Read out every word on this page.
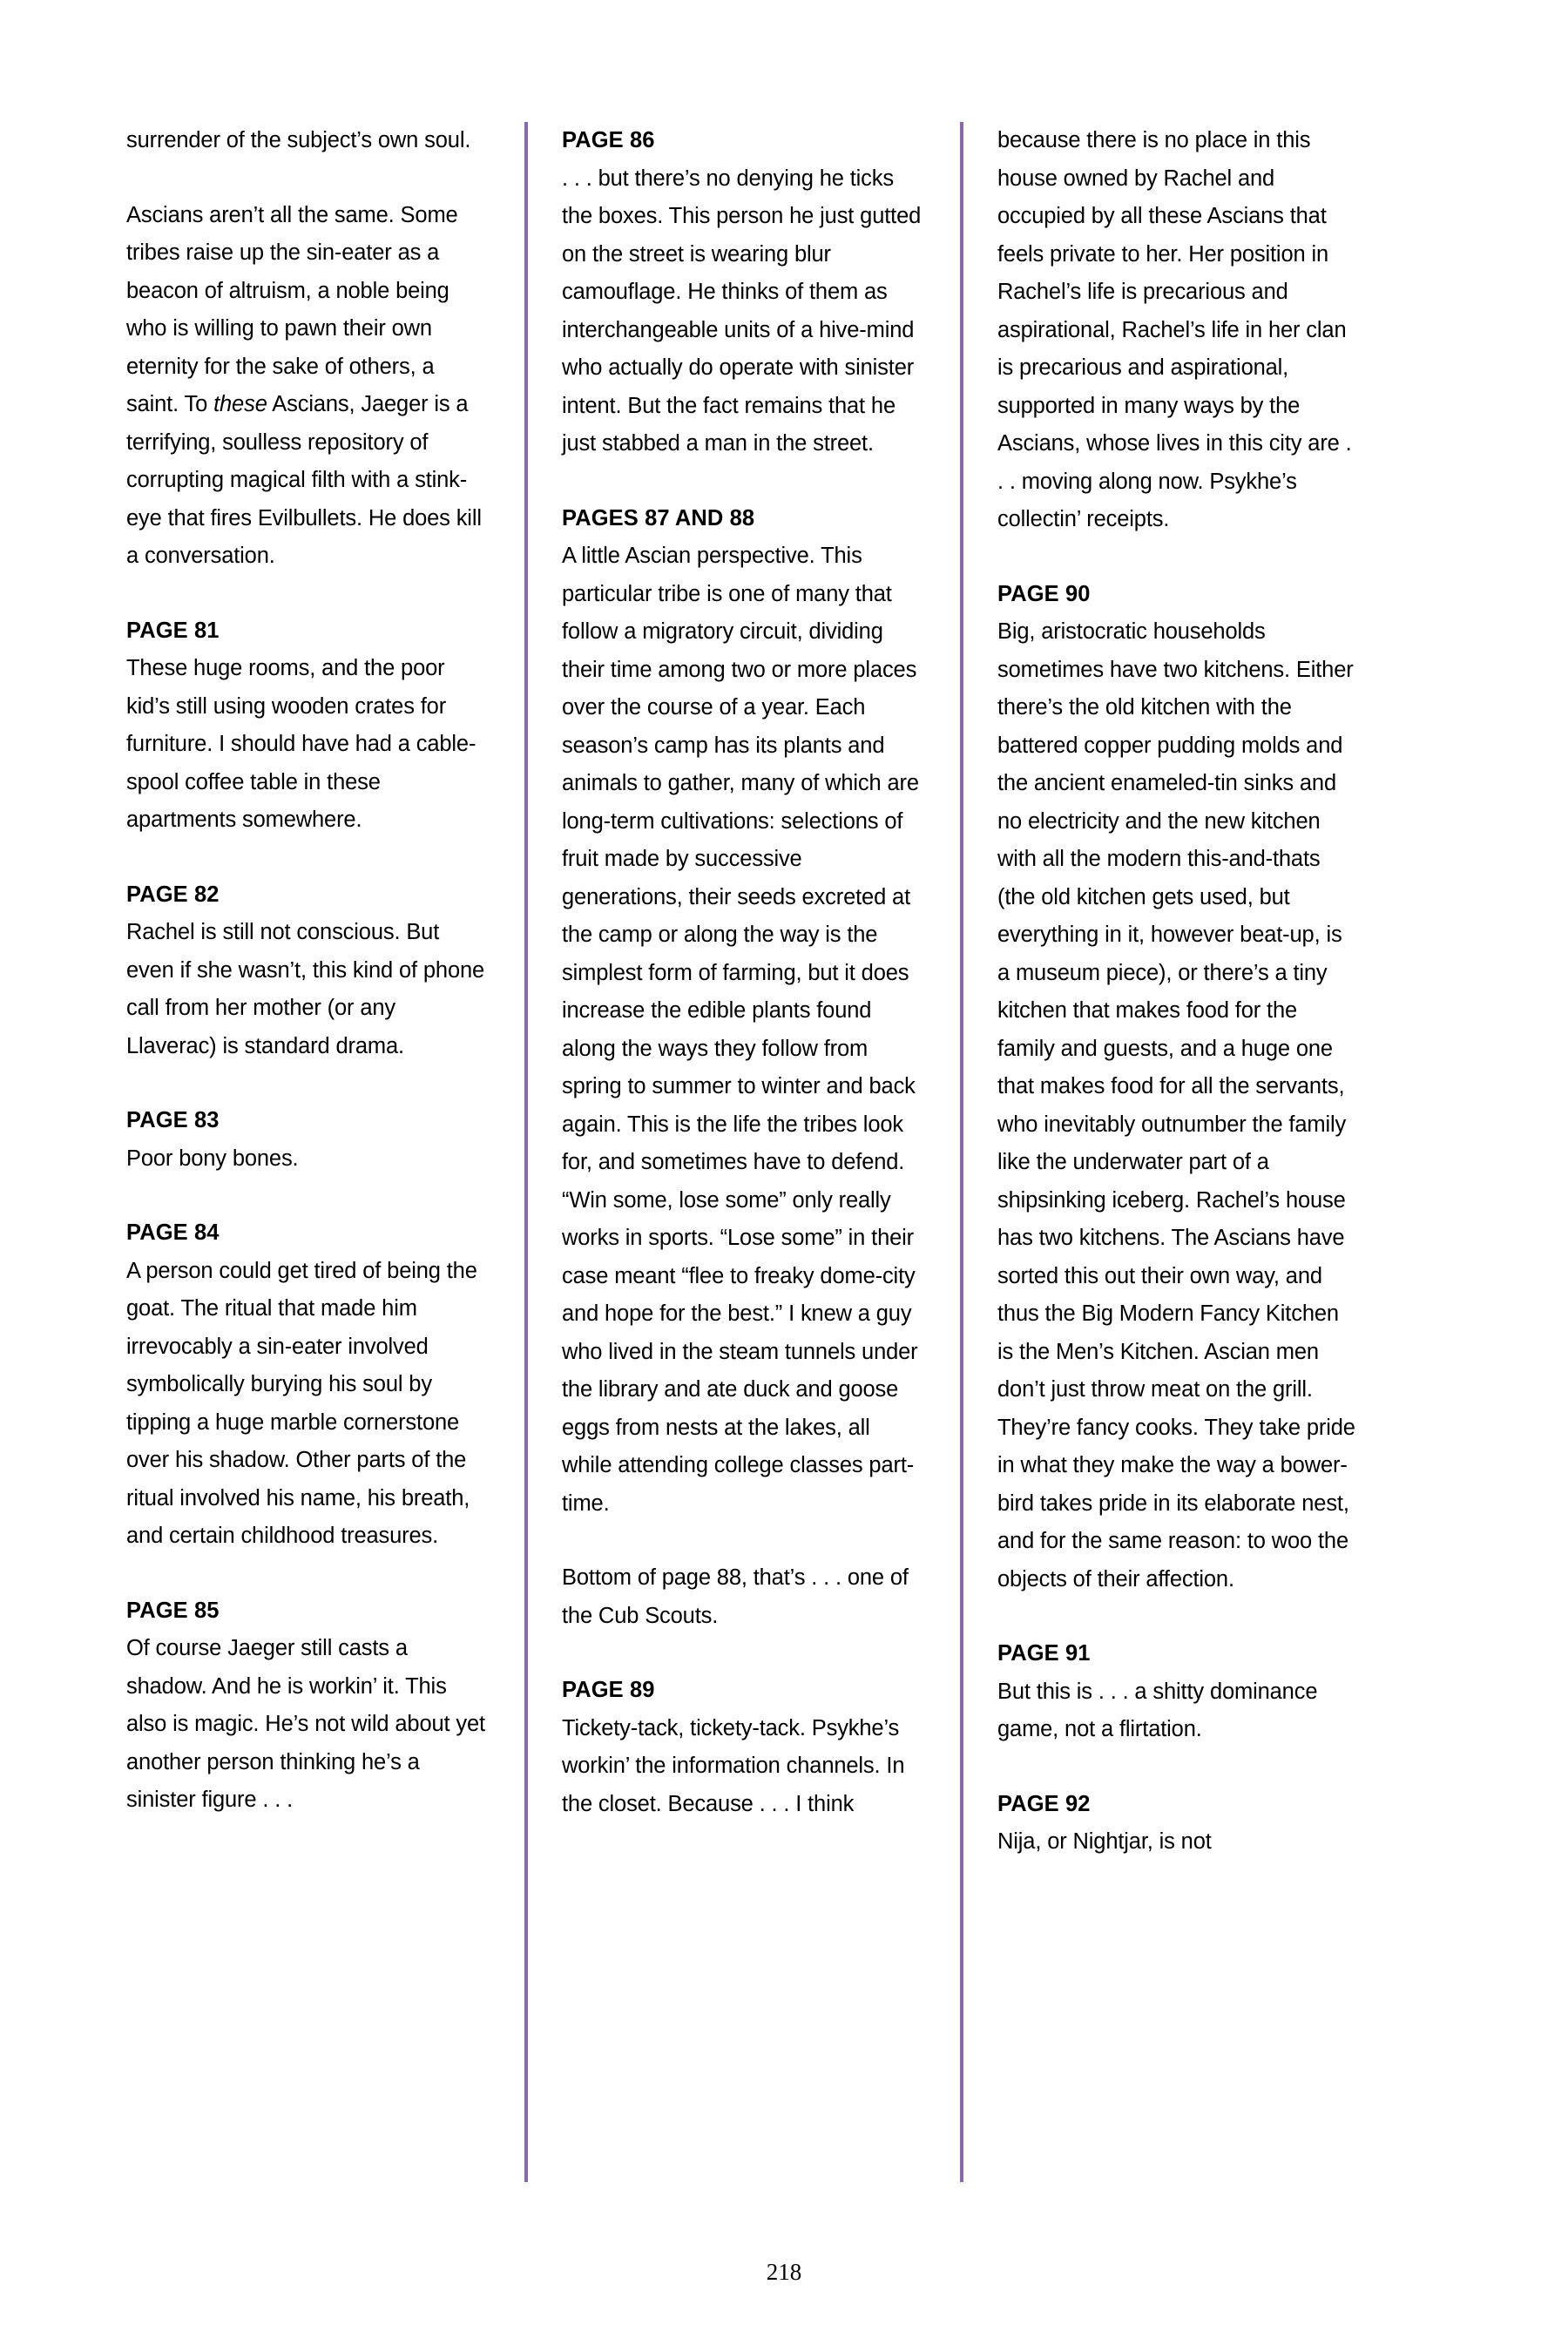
surrender of the subject’s own soul.
Ascians aren’t all the same. Some tribes raise up the sin-eater as a beacon of altruism, a noble being who is willing to pawn their own eternity for the sake of others, a saint. To these Ascians, Jaeger is a terrifying, soulless repository of corrupting magical filth with a stink-eye that fires Evilbullets. He does kill a conversation.
PAGE 81
These huge rooms, and the poor kid’s still using wooden crates for furniture. I should have had a cable-spool coffee table in these apartments somewhere.
PAGE 82
Rachel is still not conscious. But even if she wasn’t, this kind of phone call from her mother (or any Llaverac) is standard drama.
PAGE 83
Poor bony bones.
PAGE 84
A person could get tired of being the goat. The ritual that made him irrevocably a sin-eater involved symbolically burying his soul by tipping a huge marble cornerstone over his shadow. Other parts of the ritual involved his name, his breath, and certain childhood treasures.
PAGE 85
Of course Jaeger still casts a shadow. And he is workin’ it. This also is magic. He’s not wild about yet another person thinking he’s a sinister figure . . .
PAGE 86
. . . but there’s no denying he ticks the boxes. This person he just gutted on the street is wearing blur camouflage. He thinks of them as interchangeable units of a hive-mind who actually do operate with sinister intent. But the fact remains that he just stabbed a man in the street.
PAGES 87 AND 88
A little Ascian perspective. This particular tribe is one of many that follow a migratory circuit, dividing their time among two or more places over the course of a year. Each season’s camp has its plants and animals to gather, many of which are long-term cultivations: selections of fruit made by successive generations, their seeds excreted at the camp or along the way is the simplest form of farming, but it does increase the edible plants found along the ways they follow from spring to summer to winter and back again. This is the life the tribes look for, and sometimes have to defend. “Win some, lose some” only really works in sports. “Lose some” in their case meant “flee to freaky dome-city and hope for the best.” I knew a guy who lived in the steam tunnels under the library and ate duck and goose eggs from nests at the lakes, all while attending college classes part-time.
Bottom of page 88, that’s . . . one of the Cub Scouts.
PAGE 89
Tickety-tack, tickety-tack. Psykhe’s workin’ the information channels. In the closet. Because . . . I think
because there is no place in this house owned by Rachel and occupied by all these Ascians that feels private to her. Her position in Rachel’s life is precarious and aspirational, Rachel’s life in her clan is precarious and aspirational, supported in many ways by the Ascians, whose lives in this city are . . . moving along now. Psykhe’s collectin’ receipts.
PAGE 90
Big, aristocratic households sometimes have two kitchens. Either there’s the old kitchen with the battered copper pudding molds and the ancient enameled-tin sinks and no electricity and the new kitchen with all the modern this-and-thats (the old kitchen gets used, but everything in it, however beat-up, is a museum piece), or there’s a tiny kitchen that makes food for the family and guests, and a huge one that makes food for all the servants, who inevitably outnumber the family like the underwater part of a shipsinking iceberg. Rachel’s house has two kitchens. The Ascians have sorted this out their own way, and thus the Big Modern Fancy Kitchen is the Men’s Kitchen. Ascian men don’t just throw meat on the grill. They’re fancy cooks. They take pride in what they make the way a bower-bird takes pride in its elaborate nest, and for the same reason: to woo the objects of their affection.
PAGE 91
But this is . . . a shitty dominance game, not a flirtation.
PAGE 92
Nija, or Nightjar, is not
218
